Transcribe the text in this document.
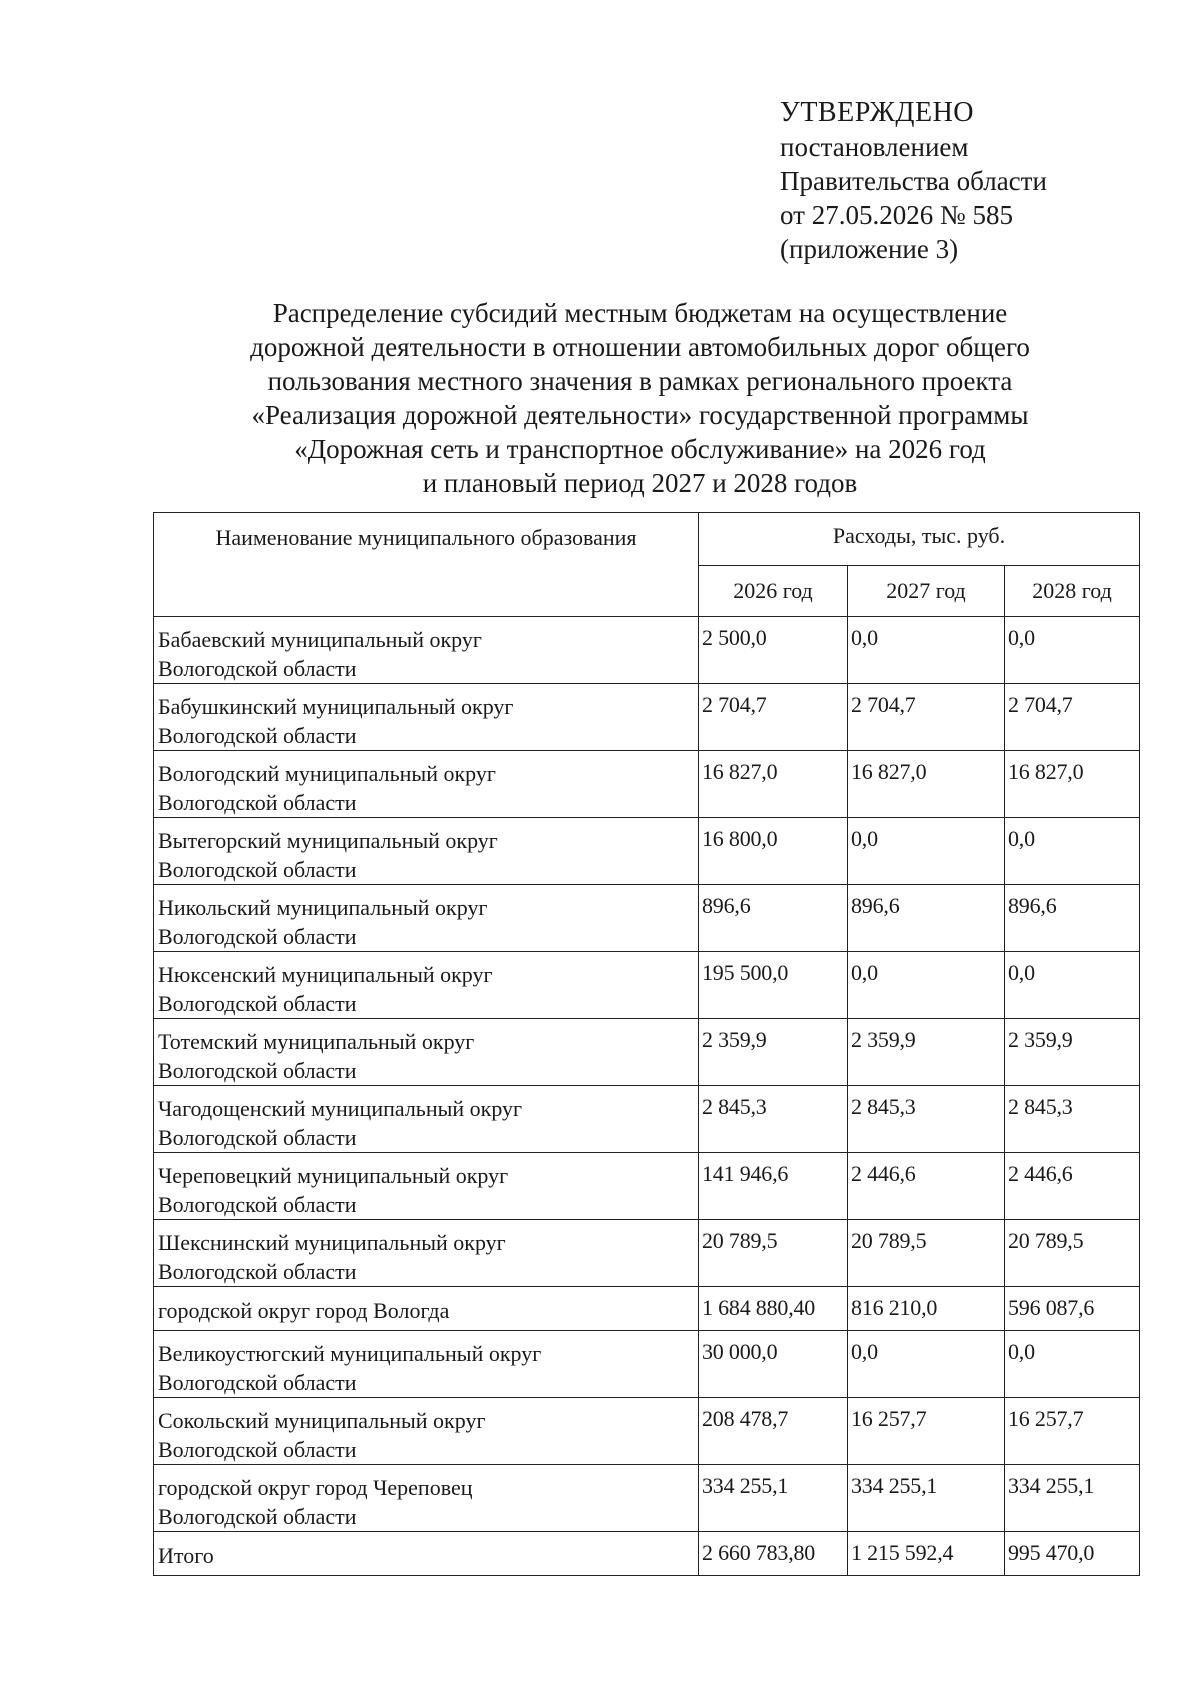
УТВЕРЖДЕНО
постановлением
Правительства области
от 27.05.2026 № 585
(приложение 3)
Распределение субсидий местным бюджетам на осуществление
дорожной деятельности в отношении автомобильных дорог общего
пользования местного значения в рамках регионального проекта
«Реализация дорожной деятельности» государственной программы
«Дорожная сеть и транспортное обслуживание» на 2026 год
и плановый период 2027 и 2028 годов
Наименование муниципального образования	Расходы, тыс. руб.		
	2026 год	2027 год	2028 год
Бабаевский муниципальный округ
Вологодской области	2 500,0	0,0	0,0
Бабушкинский муниципальный округ
Вологодской области	2 704,7	2 704,7	2 704,7
Вологодский муниципальный округ
Вологодской области	16 827,0	16 827,0	16 827,0
Вытегорский муниципальный округ
Вологодской области	16 800,0	0,0	0,0
Никольский муниципальный округ
Вологодской области	896,6	896,6	896,6
Нюксенский муниципальный округ
Вологодской области	195 500,0	0,0	0,0
Тотемский муниципальный округ
Вологодской области	2 359,9	2 359,9	2 359,9
Чагодощенский муниципальный округ
Вологодской области	2 845,3	2 845,3	2 845,3
Череповецкий муниципальный округ
Вологодской области	141 946,6	2 446,6	2 446,6
Шекснинский муниципальный округ
Вологодской области	20 789,5	20 789,5	20 789,5
городской округ город Вологда	1 684 880,40	816 210,0	596 087,6
Великоустюгский муниципальный округ
Вологодской области	30 000,0	0,0	0,0
Сокольский муниципальный округ
Вологодской области	208 478,7	16 257,7	16 257,7
городской округ город Череповец
Вологодской области	334 255,1	334 255,1	334 255,1
Итого	2 660 783,80	1 215 592,4	995 470,0
